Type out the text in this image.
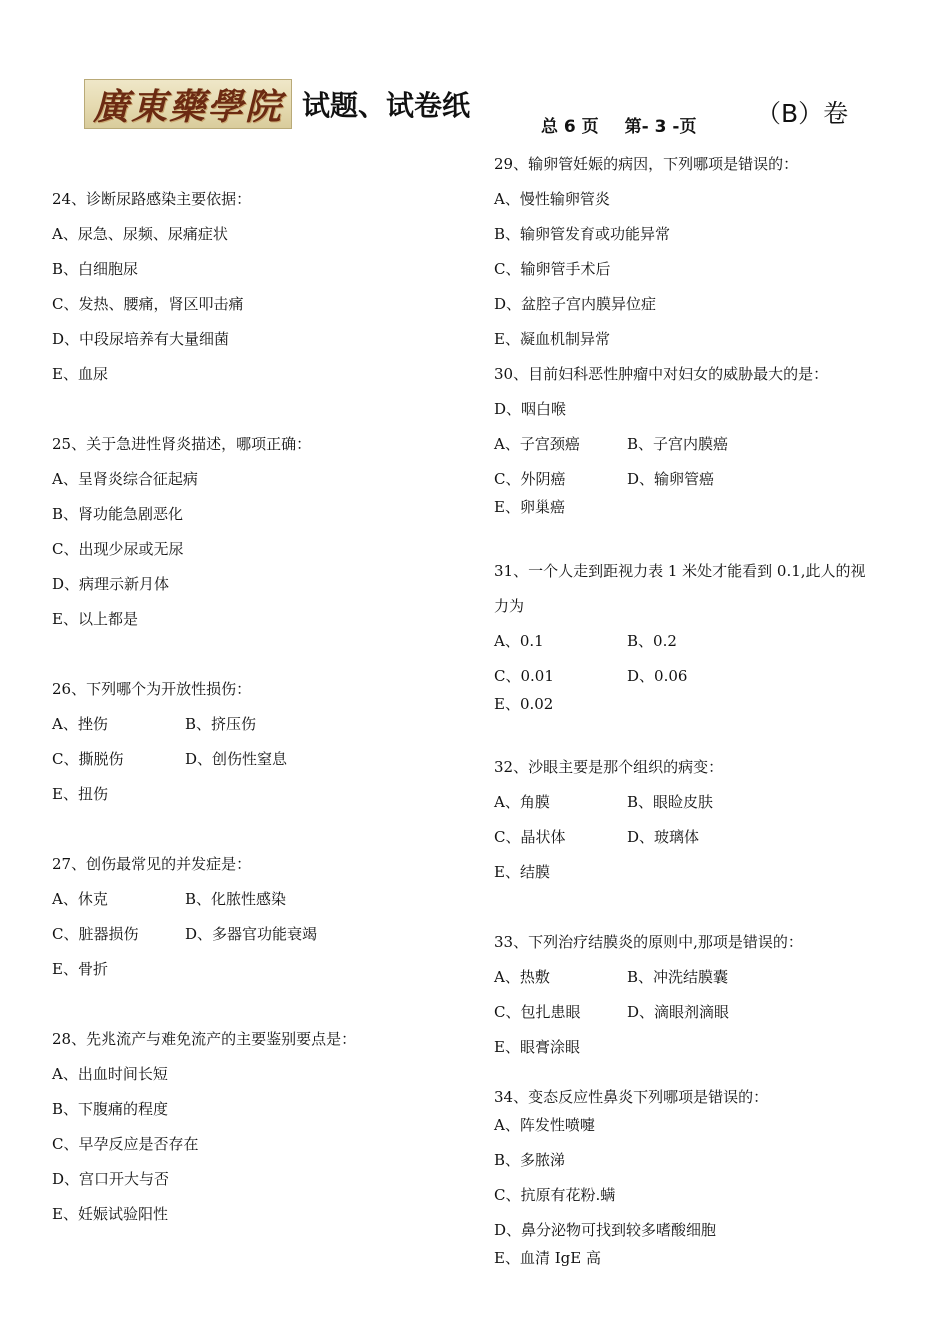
廣東藥學院 试题、试卷纸
总 6 页 第- 3 -页 （B）卷
24、诊断尿路感染主要依据：
A、尿急、尿频、尿痛症状
B、白细胞尿
C、发热、腰痛，肾区叩击痛
D、中段尿培养有大量细菌
E、血尿
25、关于急进性肾炎描述，哪项正确：
A、呈肾炎综合征起病
B、肾功能急剧恶化
C、出现少尿或无尿
D、病理示新月体
E、以上都是
26、下列哪个为开放性损伤：
A、挫伤	B、挤压伤
C、撕脱伤	D、创伤性窒息
E、扭伤
27、创伤最常见的并发症是：
A、休克	B、化脓性感染
C、脏器损伤	D、多器官功能衰竭
E、骨折
28、先兆流产与难免流产的主要鉴别要点是：
A、出血时间长短
B、下腹痛的程度
C、早孕反应是否存在
D、宫口开大与否
E、妊娠试验阳性
29、输卵管妊娠的病因，下列哪项是错误的：
A、慢性输卵管炎
B、输卵管发育或功能异常
C、输卵管手术后
D、盆腔子宫内膜异位症
E、凝血机制异常
30、目前妇科恶性肿瘤中对妇女的威胁最大的是：
D、咽白喉
A、子宫颈癌	B、子宫内膜癌
C、外阴癌	D、输卵管癌
E、卵巢癌
31、一个人走到距视力表 1 米处才能看到 0.1,此人的视
力为
A、0.1	B、0.2
C、0.01	D、0.06
E、0.02
32、沙眼主要是那个组织的病变：
A、角膜	B、眼睑皮肤
C、晶状体	D、玻璃体
E、结膜
33、下列治疗结膜炎的原则中,那项是错误的：
A、热敷	B、冲洗结膜囊
C、包扎患眼	D、滴眼剂滴眼
E、眼膏涂眼
34、变态反应性鼻炎下列哪项是错误的：
A、阵发性喷嚏
B、多脓涕
C、抗原有花粉.螨
D、鼻分泌物可找到较多嗜酸细胞
E、血清 IgE 高
